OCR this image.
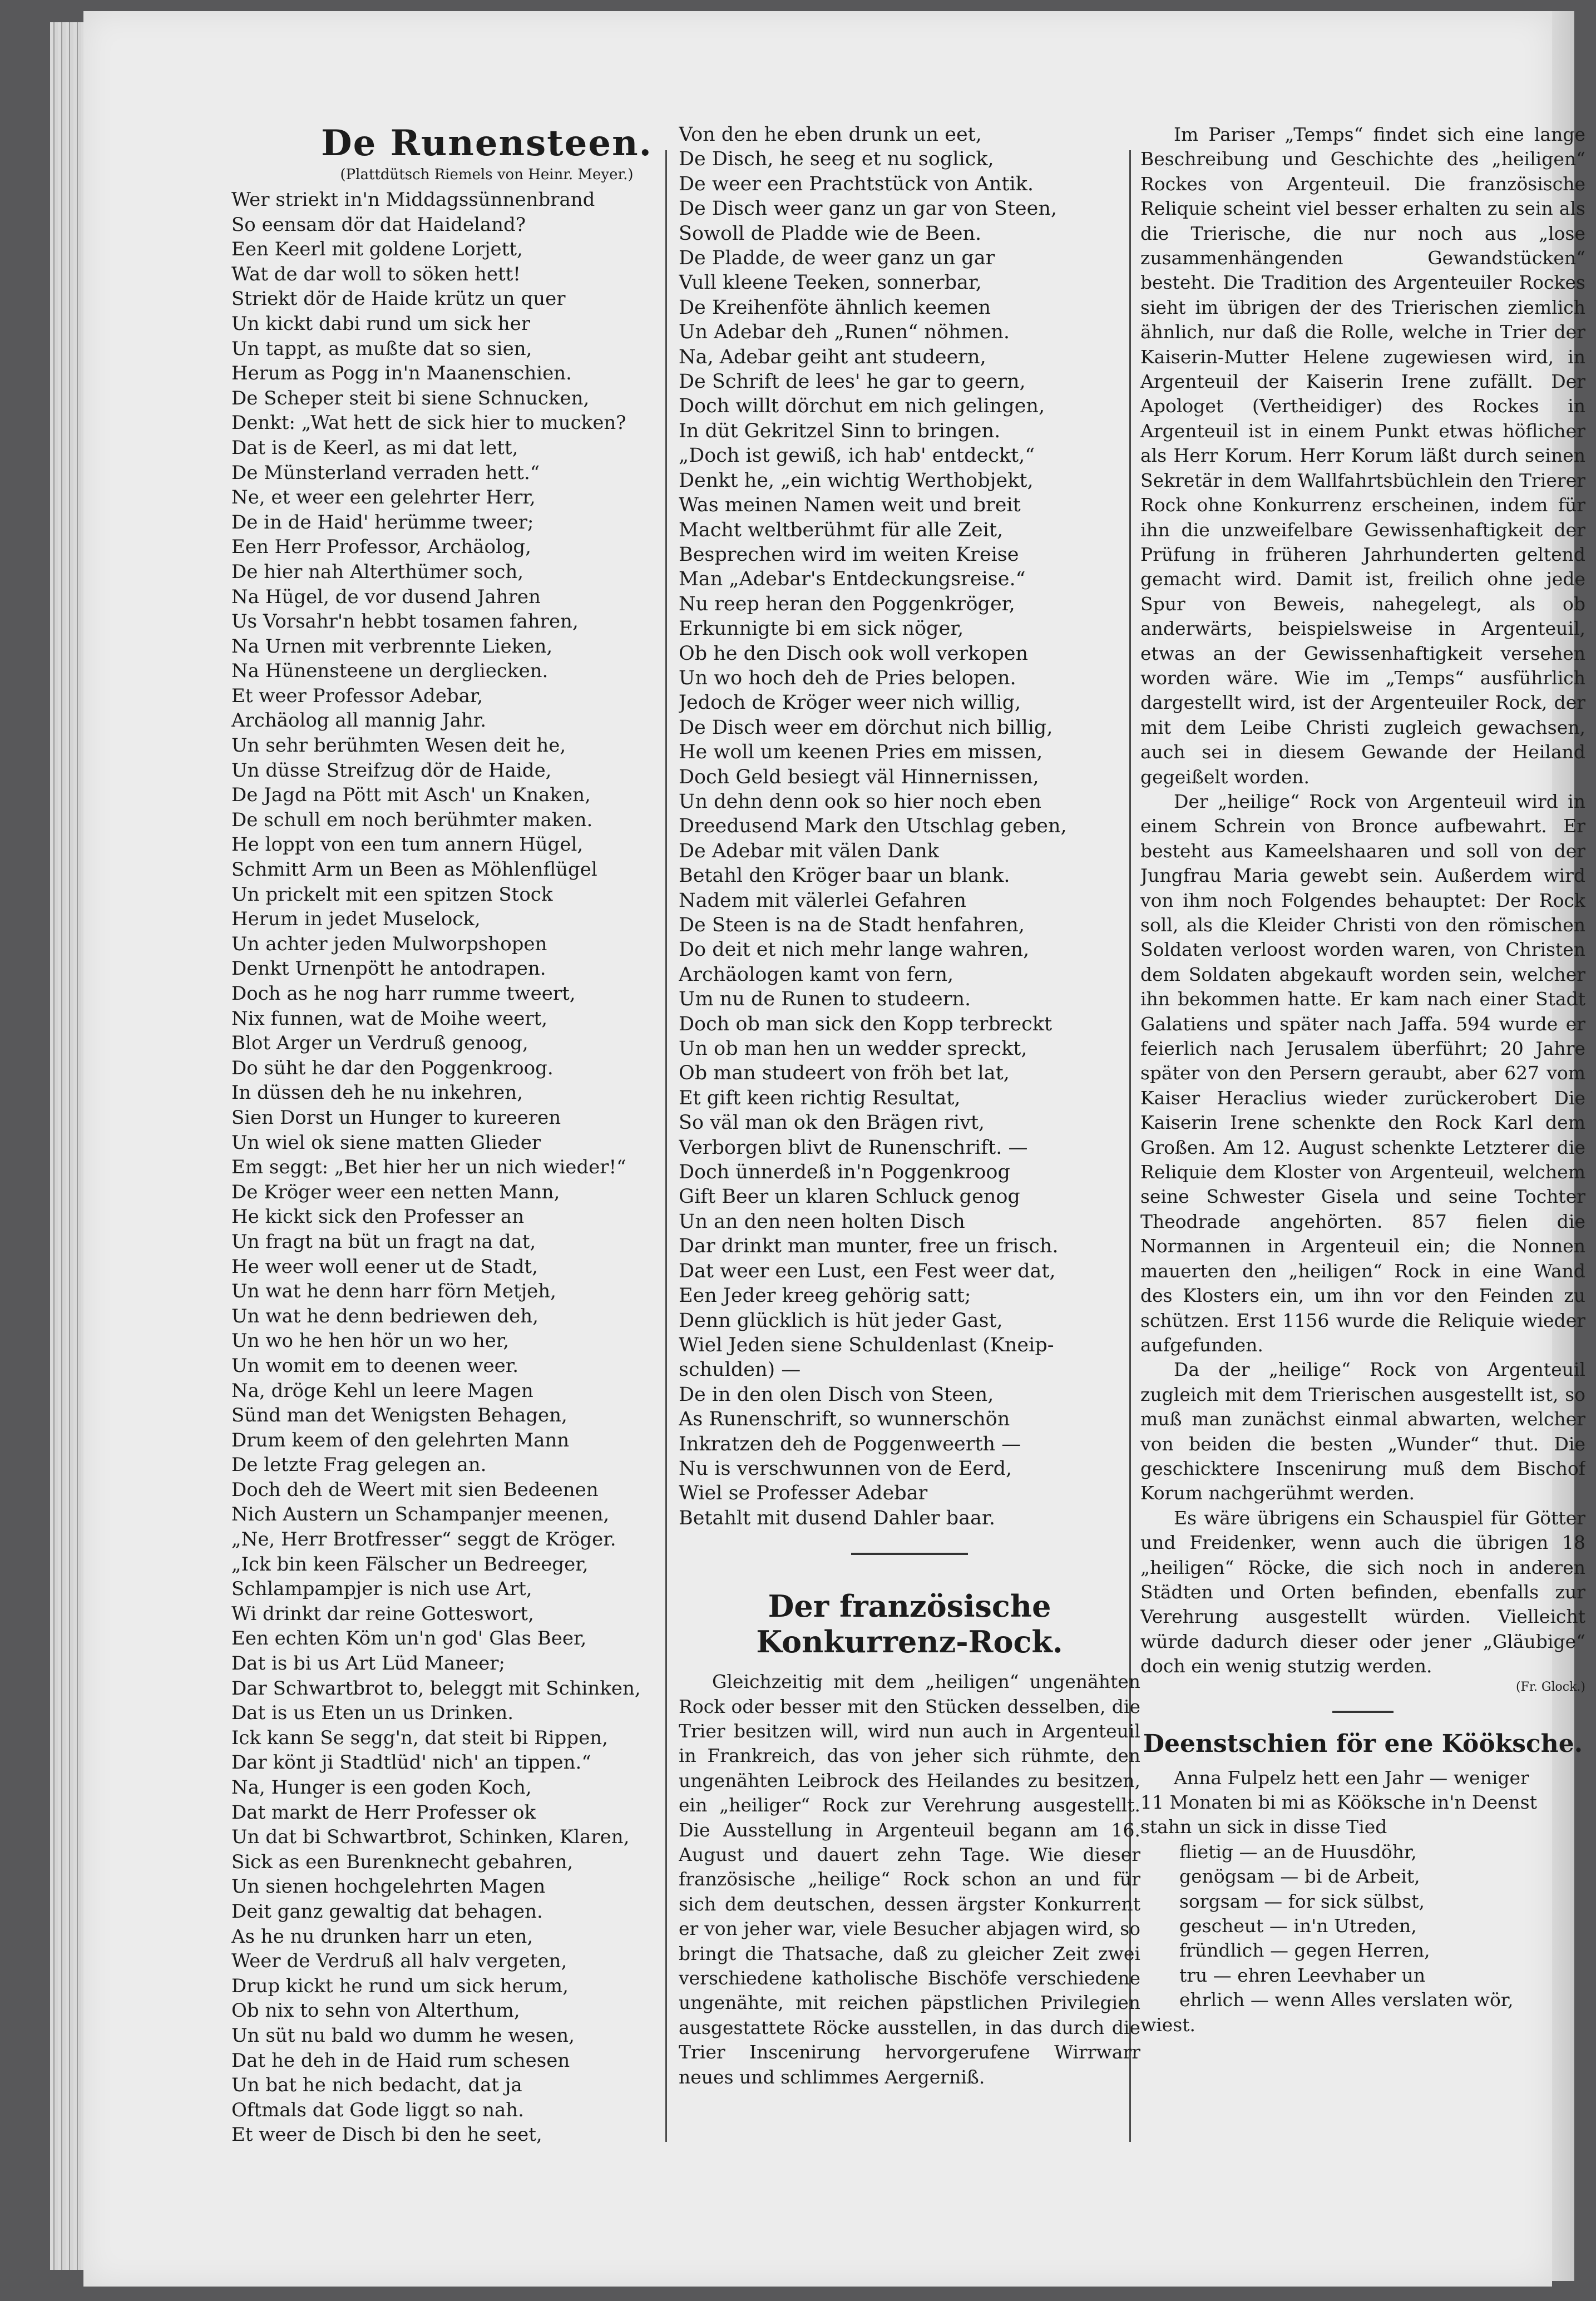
De Runensteen.
(Plattdütsch Riemels von Heinr. Meyer.)
Wer striekt in'n Middagssünnenbrand
So eensam dör dat Haideland?
Een Keerl mit goldene Lorjett,
Wat de dar woll to söken hett!
Striekt dör de Haide krütz un quer
Un kickt dabi rund um sick her
Un tappt, as mußte dat so sien,
Herum as Pogg in'n Maanenschien.
De Scheper steit bi siene Schnucken,
Denkt: „Wat hett de sick hier to mucken?
Dat is de Keerl, as mi dat lett,
De Münsterland verraden hett.“
Ne, et weer een gelehrter Herr,
De in de Haid' herümme tweer;
Een Herr Professor, Archäolog,
De hier nah Alterthümer soch,
Na Hügel, de vor dusend Jahren
Us Vorsahr'n hebbt tosamen fahren,
Na Urnen mit verbrennte Lieken,
Na Hünensteene un dergliecken.
Et weer Professor Adebar,
Archäolog all mannig Jahr.
Un sehr berühmten Wesen deit he,
Un düsse Streifzug dör de Haide,
De Jagd na Pött mit Asch' un Knaken,
De schull em noch berühmter maken.
He loppt von een tum annern Hügel,
Schmitt Arm un Been as Möhlenflügel
Un prickelt mit een spitzen Stock
Herum in jedet Muselock,
Un achter jeden Mulworpshopen
Denkt Urnenpött he antodrapen.
Doch as he nog harr rumme tweert,
Nix funnen, wat de Moihe weert,
Blot Arger un Verdruß genoog,
Do süht he dar den Poggenkroog.
In düssen deh he nu inkehren,
Sien Dorst un Hunger to kureeren
Un wiel ok siene matten Glieder
Em seggt: „Bet hier her un nich wieder!“
De Kröger weer een netten Mann,
He kickt sick den Professer an
Un fragt na büt un fragt na dat,
He weer woll eener ut de Stadt,
Un wat he denn harr förn Metjeh,
Un wat he denn bedriewen deh,
Un wo he hen hör un wo her,
Un womit em to deenen weer.
Na, dröge Kehl un leere Magen
Sünd man det Wenigsten Behagen,
Drum keem of den gelehrten Mann
De letzte Frag gelegen an.
Doch deh de Weert mit sien Bedeenen
Nich Austern un Schampanjer meenen,
„Ne, Herr Brotfresser“ seggt de Kröger.
„Ick bin keen Fälscher un Bedreeger,
Schlampampjer is nich use Art,
Wi drinkt dar reine Gotteswort,
Een echten Köm un'n god' Glas Beer,
Dat is bi us Art Lüd Maneer;
Dar Schwartbrot to, beleggt mit Schinken,
Dat is us Eten un us Drinken.
Ick kann Se segg'n, dat steit bi Rippen,
Dar könt ji Stadtlüd' nich' an tippen.“
Na, Hunger is een goden Koch,
Dat markt de Herr Professer ok
Un dat bi Schwartbrot, Schinken, Klaren,
Sick as een Burenknecht gebahren,
Un sienen hochgelehrten Magen
Deit ganz gewaltig dat behagen.
As he nu drunken harr un eten,
Weer de Verdruß all halv vergeten,
Drup kickt he rund um sick herum,
Ob nix to sehn von Alterthum,
Un süt nu bald wo dumm he wesen,
Dat he deh in de Haid rum schesen
Un bat he nich bedacht, dat ja
Oftmals dat Gode liggt so nah.
Et weer de Disch bi den he seet,
Von den he eben drunk un eet,
De Disch, he seeg et nu soglick,
De weer een Prachtstück von Antik.
De Disch weer ganz un gar von Steen,
Sowoll de Pladde wie de Been.
De Pladde, de weer ganz un gar
Vull kleene Teeken, sonnerbar,
De Kreihenföte ähnlich keemen
Un Adebar deh „Runen“ nöhmen.
Na, Adebar geiht ant studeern,
De Schrift de lees' he gar to geern,
Doch willt dörchut em nich gelingen,
In düt Gekritzel Sinn to bringen.
„Doch ist gewiß, ich hab' entdeckt,“
Denkt he, „ein wichtig Werthobjekt,
Was meinen Namen weit und breit
Macht weltberühmt für alle Zeit,
Besprechen wird im weiten Kreise
Man „Adebar's Entdeckungsreise.“
Nu reep heran den Poggenkröger,
Erkunnigte bi em sick nöger,
Ob he den Disch ook woll verkopen
Un wo hoch deh de Pries belopen.
Jedoch de Kröger weer nich willig,
De Disch weer em dörchut nich billig,
He woll um keenen Pries em missen,
Doch Geld besiegt väl Hinnernissen,
Un dehn denn ook so hier noch eben
Dreedusend Mark den Utschlag geben,
De Adebar mit välen Dank
Betahl den Kröger baar un blank.
Nadem mit välerlei Gefahren
De Steen is na de Stadt henfahren,
Do deit et nich mehr lange wahren,
Archäologen kamt von fern,
Um nu de Runen to studeern.
Doch ob man sick den Kopp terbreckt
Un ob man hen un wedder spreckt,
Ob man studeert von fröh bet lat,
Et gift keen richtig Resultat,
So väl man ok den Brägen rivt,
Verborgen blivt de Runenschrift. —
Doch ünnerdeß in'n Poggenkroog
Gift Beer un klaren Schluck genog
Un an den neen holten Disch
Dar drinkt man munter, free un frisch.
Dat weer een Lust, een Fest weer dat,
Een Jeder kreeg gehörig satt;
Denn glücklich is hüt jeder Gast,
Wiel Jeden siene Schuldenlast (Kneip-
schulden) —
De in den olen Disch von Steen,
As Runenschrift, so wunnerschön
Inkratzen deh de Poggenweerth —
Nu is verschwunnen von de Eerd,
Wiel se Professer Adebar
Betahlt mit dusend Dahler baar.
Der französische Konkurrenz-Rock.

Gleichzeitig mit dem „heiligen“ ungenähten Rock oder besser mit den Stücken desselben, die Trier besitzen will, wird nun auch in Argenteuil in Frankreich, das von jeher sich rühmte, den ungenähten Leibrock des Heilandes zu besitzen, ein „heiliger“ Rock zur Verehrung ausgestellt. Die Ausstellung in Argenteuil begann am 16. August und dauert zehn Tage. Wie dieser französische „heilige“ Rock schon an und für sich dem deutschen, dessen ärgster Konkurrent er von jeher war, viele Besucher abjagen wird, so bringt die Thatsache, daß zu gleicher Zeit zwei verschiedene katholische Bischöfe verschiedene ungenähte, mit reichen päpstlichen Privilegien ausgestattete Röcke ausstellen, in das durch die Trier Inscenirung hervorgerufene Wirrwarr neues und schlimmes Aergerniß.

Im Pariser „Temps“ findet sich eine lange Beschreibung und Geschichte des „heiligen“ Rockes von Argenteuil. Die französische Reliquie scheint viel besser erhalten zu sein als die Trierische, die nur noch aus „lose zusammenhängenden Gewandstücken“ besteht. Die Tradition des Argenteuiler Rockes sieht im übrigen der des Trierischen ziemlich ähnlich, nur daß die Rolle, welche in Trier der Kaiserin-Mutter Helene zugewiesen wird, in Argenteuil der Kaiserin Irene zufällt. Der Apologet (Vertheidiger) des Rockes in Argenteuil ist in einem Punkt etwas höflicher als Herr Korum. Herr Korum läßt durch seinen Sekretär in dem Wallfahrtsbüchlein den Trierer Rock ohne Konkurrenz erscheinen, indem für ihn die unzweifelbare Gewissenhaftigkeit der Prüfung in früheren Jahrhunderten geltend gemacht wird. Damit ist, freilich ohne jede Spur von Beweis, nahegelegt, als ob anderwärts, beispielsweise in Argenteuil, etwas an der Gewissenhaftigkeit versehen worden wäre. Wie im „Temps“ ausführlich dargestellt wird, ist der Argenteuiler Rock, der mit dem Leibe Christi zugleich gewachsen, auch sei in diesem Gewande der Heiland gegeißelt worden.

Der „heilige“ Rock von Argenteuil wird in einem Schrein von Bronce aufbewahrt. Er besteht aus Kameelshaaren und soll von der Jungfrau Maria gewebt sein. Außerdem wird von ihm noch Folgendes behauptet: Der Rock soll, als die Kleider Christi von den römischen Soldaten verloost worden waren, von Christen dem Soldaten abgekauft worden sein, welcher ihn bekommen hatte. Er kam nach einer Stadt Galatiens und später nach Jaffa. 594 wurde er feierlich nach Jerusalem überführt; 20 Jahre später von den Persern geraubt, aber 627 vom Kaiser Heraclius wieder zurückerobert Die Kaiserin Irene schenkte den Rock Karl dem Großen. Am 12. August schenkte Letzterer die Reliquie dem Kloster von Argenteuil, welchem seine Schwester Gisela und seine Tochter Theodrade angehörten. 857 fielen die Normannen in Argenteuil ein; die Nonnen mauerten den „heiligen“ Rock in eine Wand des Klosters ein, um ihn vor den Feinden zu schützen. Erst 1156 wurde die Reliquie wieder aufgefunden.

Da der „heilige“ Rock von Argenteuil zugleich mit dem Trierischen ausgestellt ist, so muß man zunächst einmal abwarten, welcher von beiden die besten „Wunder“ thut. Die geschicktere Inscenirung muß dem Bischof Korum nachgerühmt werden.

Es wäre übrigens ein Schauspiel für Götter und Freidenker, wenn auch die übrigen 18 „heiligen“ Röcke, die sich noch in anderen Städten und Orten befinden, ebenfalls zur Verehrung ausgestellt würden. Vielleicht würde dadurch dieser oder jener „Gläubige“ doch ein wenig stutzig werden.

(Fr. Glock.)
Deenstschien för ene Köökschе.
Anna Fulpelz hett een Jahr — weniger
11 Monaten bi mi as Köökschе in'n Deenst
stahn un sick in disse Tied
flietig — an de Huusdöhr,
genögsam — bi de Arbeit,
sorgsam — for sick sülbst,
gescheut — in'n Utreden,
fründlich — gegen Herren,
tru — ehren Leevhaber un
ehrlich — wenn Alles verslaten wör,
wiest.
